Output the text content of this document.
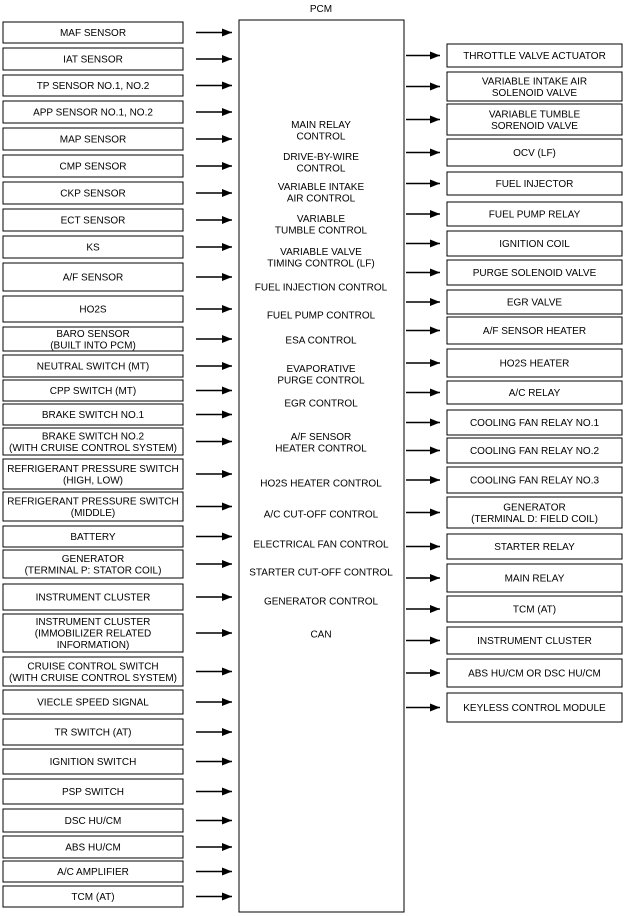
PCM
MAF SENSOR
IAT SENSOR
TP SENSOR NO.1, NO.2
APP SENSOR NO.1, NO.2
MAP SENSOR
CMP SENSOR
CKP SENSOR
ECT SENSOR
KS
A/F SENSOR
HO2S
BARO SENSOR
(BUILT INTO PCM)
NEUTRAL SWITCH (MT)
CPP SWITCH (MT)
BRAKE SWITCH NO.1
BRAKE SWITCH NO.2
(WITH CRUISE CONTROL SYSTEM)
REFRIGERANT PRESSURE SWITCH
(HIGH, LOW)
REFRIGERANT PRESSURE SWITCH
(MIDDLE)
BATTERY
GENERATOR
(TERMINAL P: STATOR COIL)
INSTRUMENT CLUSTER
INSTRUMENT CLUSTER
(IMMOBILIZER RELATED
INFORMATION)
CRUISE CONTROL SWITCH
(WITH CRUISE CONTROL SYSTEM)
VIECLE SPEED SIGNAL
TR SWITCH (AT)
IGNITION SWITCH
PSP SWITCH
DSC HU/CM
ABS HU/CM
A/C AMPLIFIER
TCM (AT)
MAIN RELAY
CONTROL
DRIVE-BY-WIRE
CONTROL
VARIABLE INTAKE
AIR CONTROL
VARIABLE
TUMBLE CONTROL
VARIABLE VALVE
TIMING CONTROL (LF)
FUEL INJECTION CONTROL
FUEL PUMP CONTROL
ESA CONTROL
EVAPORATIVE
PURGE CONTROL
EGR CONTROL
A/F SENSOR
HEATER CONTROL
HO2S HEATER CONTROL
A/C CUT-OFF CONTROL
ELECTRICAL FAN CONTROL
STARTER CUT-OFF CONTROL
GENERATOR CONTROL
CAN
THROTTLE VALVE ACTUATOR
VARIABLE INTAKE AIR
SOLENOID VALVE
VARIABLE TUMBLE
SORENOID VALVE
OCV (LF)
FUEL INJECTOR
FUEL PUMP RELAY
IGNITION COIL
PURGE SOLENOID VALVE
EGR VALVE
A/F SENSOR HEATER
HO2S HEATER
A/C RELAY
COOLING FAN RELAY NO.1
COOLING FAN RELAY NO.2
COOLING FAN RELAY NO.3
GENERATOR
(TERMINAL D: FIELD COIL)
STARTER RELAY
MAIN RELAY
TCM (AT)
INSTRUMENT CLUSTER
ABS HU/CM OR DSC HU/CM
KEYLESS CONTROL MODULE
